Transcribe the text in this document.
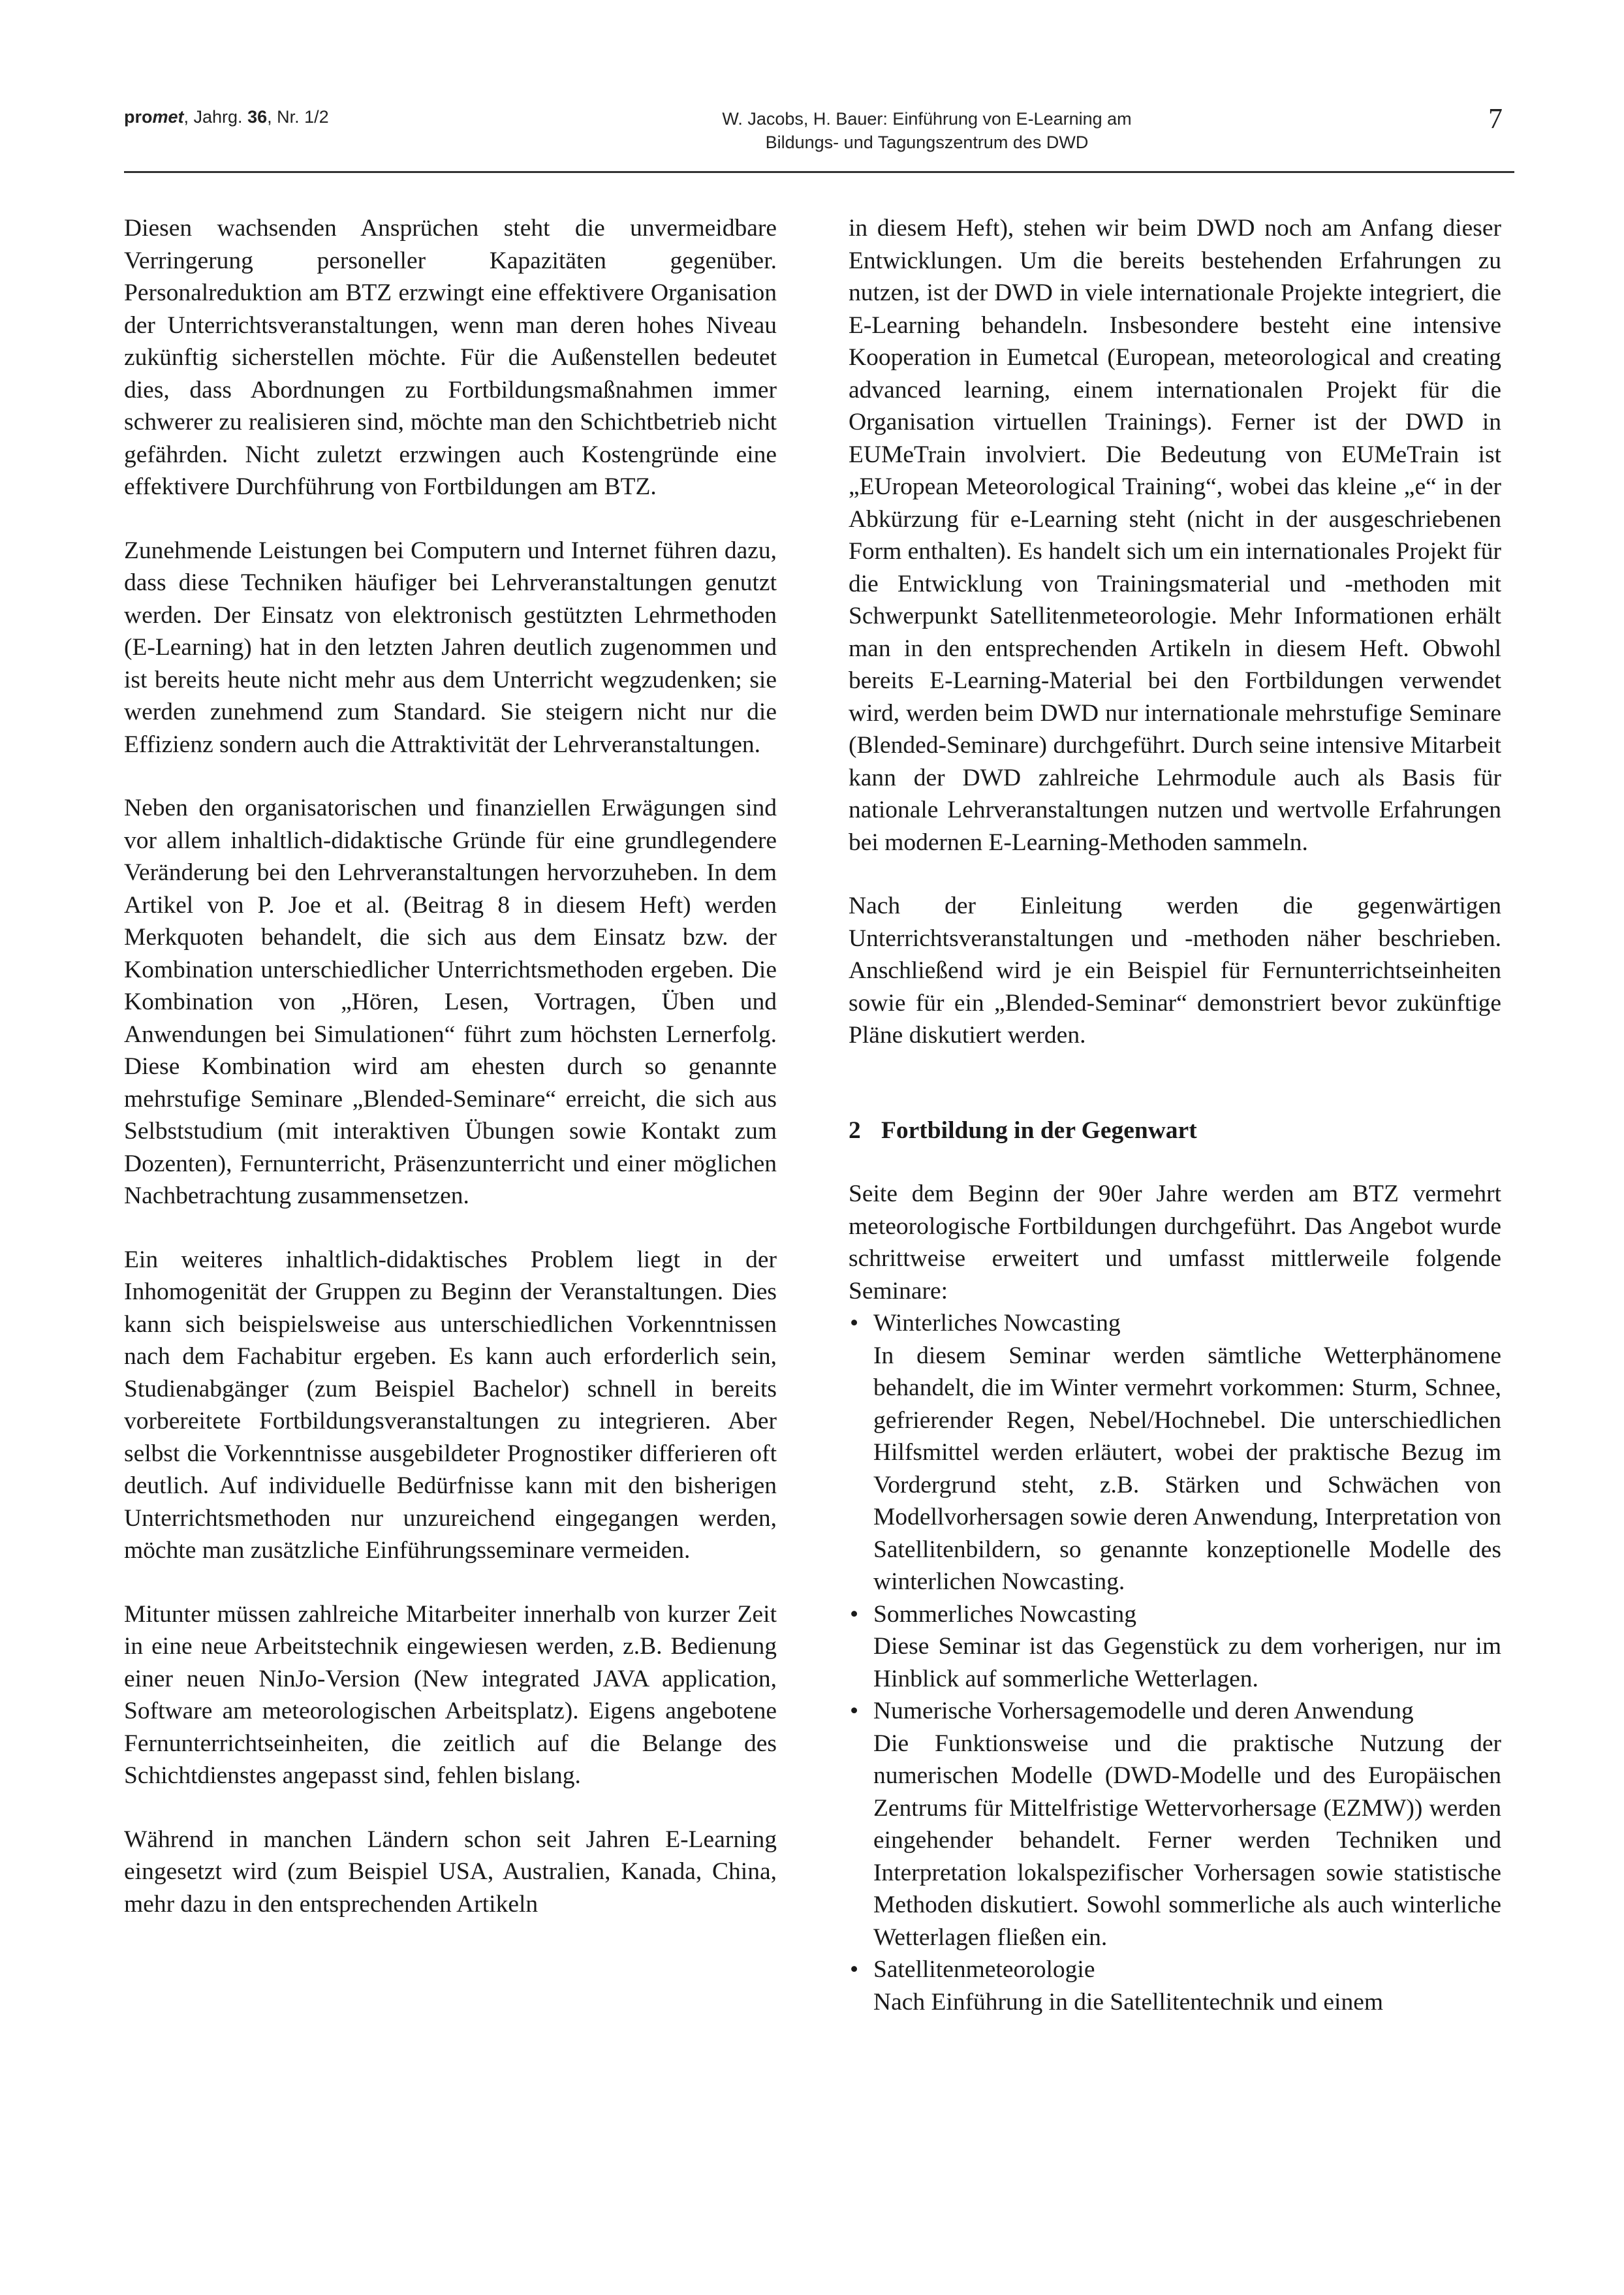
promet, Jahrg. 36, Nr. 1/2	W. Jacobs, H. Bauer: Einführung von E-Learning am
Bildungs- und Tagungszentrum des DWD
7

Diesen wachsenden Ansprüchen steht die unvermeidbare Verringerung personeller Kapazitäten gegenüber. Personalreduktion am BTZ erzwingt eine effektivere Organisation der Unterrichtsveranstaltungen, wenn man deren hohes Niveau zukünftig sicherstellen möchte. Für die Außenstellen bedeutet dies, dass Abordnungen zu Fortbildungsmaßnahmen immer schwerer zu realisieren sind, möchte man den Schichtbetrieb nicht gefährden. Nicht zuletzt erzwingen auch Kostengründe eine effektivere Durchführung von Fortbildungen am BTZ.

Zunehmende Leistungen bei Computern und Internet führen dazu, dass diese Techniken häufiger bei Lehrveranstaltungen genutzt werden. Der Einsatz von elektronisch gestützten Lehrmethoden (E-Learning) hat in den letzten Jahren deutlich zugenommen und ist bereits heute nicht mehr aus dem Unterricht wegzudenken; sie werden zunehmend zum Standard. Sie steigern nicht nur die Effizienz sondern auch die Attraktivität der Lehrveranstaltungen.

Neben den organisatorischen und finanziellen Erwägungen sind vor allem inhaltlich-didaktische Gründe für eine grundlegendere Veränderung bei den Lehrveranstaltungen hervorzuheben. In dem Artikel von P. Joe et al. (Beitrag 8 in diesem Heft) werden Merkquoten behandelt, die sich aus dem Einsatz bzw. der Kombination unterschiedlicher Unterrichtsmethoden ergeben. Die Kombination von „Hören, Lesen, Vortragen, Üben und Anwendungen bei Simulationen“ führt zum höchsten Lernerfolg. Diese Kombination wird am ehesten durch so genannte mehrstufige Seminare „Blended-Seminare“ erreicht, die sich aus Selbststudium (mit interaktiven Übungen sowie Kontakt zum Dozenten), Fernunterricht, Präsenzunterricht und einer möglichen Nachbetrachtung zusammensetzen.

Ein weiteres inhaltlich-didaktisches Problem liegt in der Inhomogenität der Gruppen zu Beginn der Veranstaltungen. Dies kann sich beispielsweise aus unterschiedlichen Vorkenntnissen nach dem Fachabitur ergeben. Es kann auch erforderlich sein, Studienabgänger (zum Beispiel Bachelor) schnell in bereits vorbereitete Fortbildungsveranstaltungen zu integrieren. Aber selbst die Vorkenntnisse ausgebildeter Prognostiker differieren oft deutlich. Auf individuelle Bedürfnisse kann mit den bisherigen Unterrichtsmethoden nur unzureichend eingegangen werden, möchte man zusätzliche Einführungsseminare vermeiden.

Mitunter müssen zahlreiche Mitarbeiter innerhalb von kurzer Zeit in eine neue Arbeitstechnik eingewiesen werden, z.B. Bedienung einer neuen NinJo-Version (New integrated JAVA application, Software am meteorologischen Arbeitsplatz). Eigens angebotene Fernunterrichtseinheiten, die zeitlich auf die Belange des Schichtdienstes angepasst sind, fehlen bislang.

Während in manchen Ländern schon seit Jahren E-Learning eingesetzt wird (zum Beispiel USA, Australien, Kanada, China, mehr dazu in den entsprechenden Artikeln

in diesem Heft), stehen wir beim DWD noch am Anfang dieser Entwicklungen. Um die bereits bestehenden Erfahrungen zu nutzen, ist der DWD in viele internationale Projekte integriert, die E-Learning behandeln. Insbesondere besteht eine intensive Kooperation in Eumetcal (European, meteorological and creating advanced learning, einem internationalen Projekt für die Organisation virtuellen Trainings). Ferner ist der DWD in EUMeTrain involviert. Die Bedeutung von EUMeTrain ist „EUropean Meteorological Training“, wobei das kleine „e“ in der Abkürzung für e-Learning steht (nicht in der ausgeschriebenen Form enthalten). Es handelt sich um ein internationales Projekt für die Entwicklung von Trainingsmaterial und -methoden mit Schwerpunkt Satellitenmeteorologie. Mehr Informationen erhält man in den entsprechenden Artikeln in diesem Heft. Obwohl bereits E-Learning-Material bei den Fortbildungen verwendet wird, werden beim DWD nur internationale mehrstufige Seminare (Blended-Seminare) durchgeführt. Durch seine intensive Mitarbeit kann der DWD zahlreiche Lehrmodule auch als Basis für nationale Lehrveranstaltungen nutzen und wertvolle Erfahrungen bei modernen E-Learning-Methoden sammeln.

Nach der Einleitung werden die gegenwärtigen Unterrichtsveranstaltungen und -methoden näher beschrieben. Anschließend wird je ein Beispiel für Fernunterrichtseinheiten sowie für ein „Blended-Seminar“ demonstriert bevor zukünftige Pläne diskutiert werden.

2 Fortbildung in der Gegenwart

Seite dem Beginn der 90er Jahre werden am BTZ vermehrt meteorologische Fortbildungen durchgeführt. Das Angebot wurde schrittweise erweitert und umfasst mittlerweile folgende Seminare:

• Winterliches Nowcasting
In diesem Seminar werden sämtliche Wetterphänomene behandelt, die im Winter vermehrt vorkommen: Sturm, Schnee, gefrierender Regen, Nebel/Hochnebel. Die unterschiedlichen Hilfsmittel werden erläutert, wobei der praktische Bezug im Vordergrund steht, z.B. Stärken und Schwächen von Modellvorhersagen sowie deren Anwendung, Interpretation von Satellitenbildern, so genannte konzeptionelle Modelle des winterlichen Nowcasting.
• Sommerliches Nowcasting
Diese Seminar ist das Gegenstück zu dem vorherigen, nur im Hinblick auf sommerliche Wetterlagen.
• Numerische Vorhersagemodelle und deren Anwendung
Die Funktionsweise und die praktische Nutzung der numerischen Modelle (DWD-Modelle und des Europäischen Zentrums für Mittelfristige Wettervorhersage (EZMW)) werden eingehender behandelt. Ferner werden Techniken und Interpretation lokalspezifischer Vorhersagen sowie statistische Methoden diskutiert. Sowohl sommerliche als auch winterliche Wetterlagen fließen ein.
• Satellitenmeteorologie
Nach Einführung in die Satellitentechnik und einem
